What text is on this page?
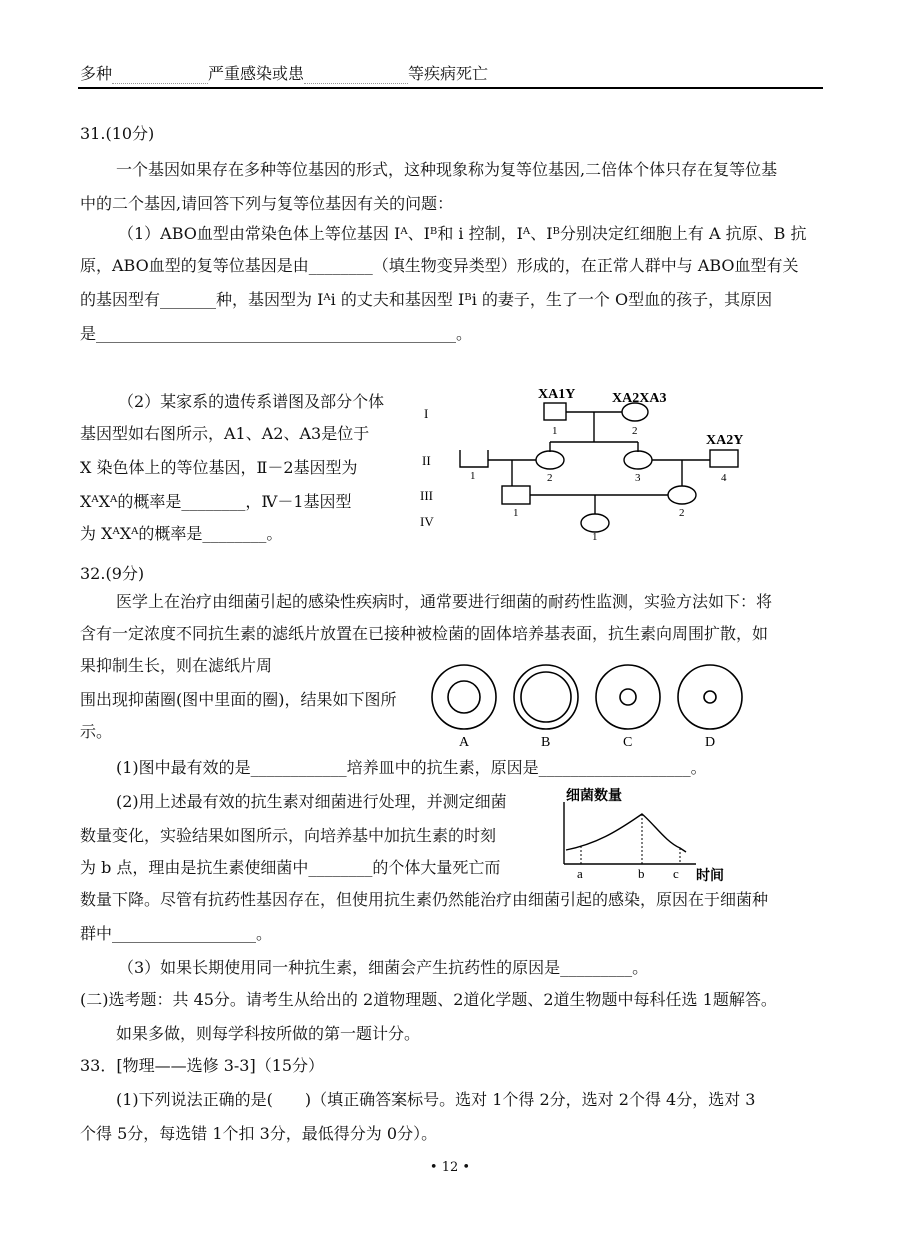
多种	严重感染或患	等疾病死亡
31.(10分)
一个基因如果存在多种等位基因的形式，这种现象称为复等位基因,二倍体个体只存在复等位基
中的二个基因,请回答下列与复等位基因有关的问题：
（1）ABO血型由常染色体上等位基因 Iᴬ、Iᴮ和 i 控制，Iᴬ、Iᴮ分别决定红细胞上有 A 抗原、B 抗
原，ABO血型的复等位基因是由________（填生物变异类型）形成的，在正常人群中与 ABO血型有关
的基因型有_______种，基因型为 Iᴬi 的丈夫和基因型 Iᴮi 的妻子，生了一个 O型血的孩子，其原因
是_____________________________________________。
（2）某家系的遗传系谱图及部分个体
基因型如右图所示，A1、A2、A3是位于
X 染色体上的等位基因，Ⅱ－2基因型为
XᴬXᴬ的概率是________，Ⅳ－1基因型
为 XᴬXᴬ的概率是________。
I
II
III
IV
XA1Y	XA2XA3
XA2Y
1	2
1	2	3	4
1	2
1
32.(9分)
医学上在治疗由细菌引起的感染性疾病时，通常要进行细菌的耐药性监测，实验方法如下：将
含有一定浓度不同抗生素的滤纸片放置在已接种被检菌的固体培养基表面，抗生素向周围扩散，如
果抑制生长，则在滤纸片周
围出现抑菌圈(图中里面的圈)，结果如下图所
示。
A	B	C	D
(1)图中最有效的是____________培养皿中的抗生素，原因是___________________。
(2)用上述最有效的抗生素对细菌进行处理，并测定细菌
数量变化，实验结果如图所示，向培养基中加抗生素的时刻
为 b 点，理由是抗生素使细菌中________的个体大量死亡而
数量下降。尽管有抗药性基因存在，但使用抗生素仍然能治疗由细菌引起的感染，原因在于细菌种
群中__________________。
细菌数量
时间
a	b c
（3）如果长期使用同一种抗生素，细菌会产生抗药性的原因是_________。
(二)选考题：共 45分。请考生从给出的 2道物理题、2道化学题、2道生物题中每科任选 1题解答。
如果多做，则每学科按所做的第一题计分。
33．[物理——选修 3-3]（15分）
(1)下列说法正确的是(　　)（填正确答案标号。选对 1个得 2分，选对 2个得 4分，选对 3
个得 5分，每选错 1个扣 3分，最低得分为 0分）。
• 12 •
